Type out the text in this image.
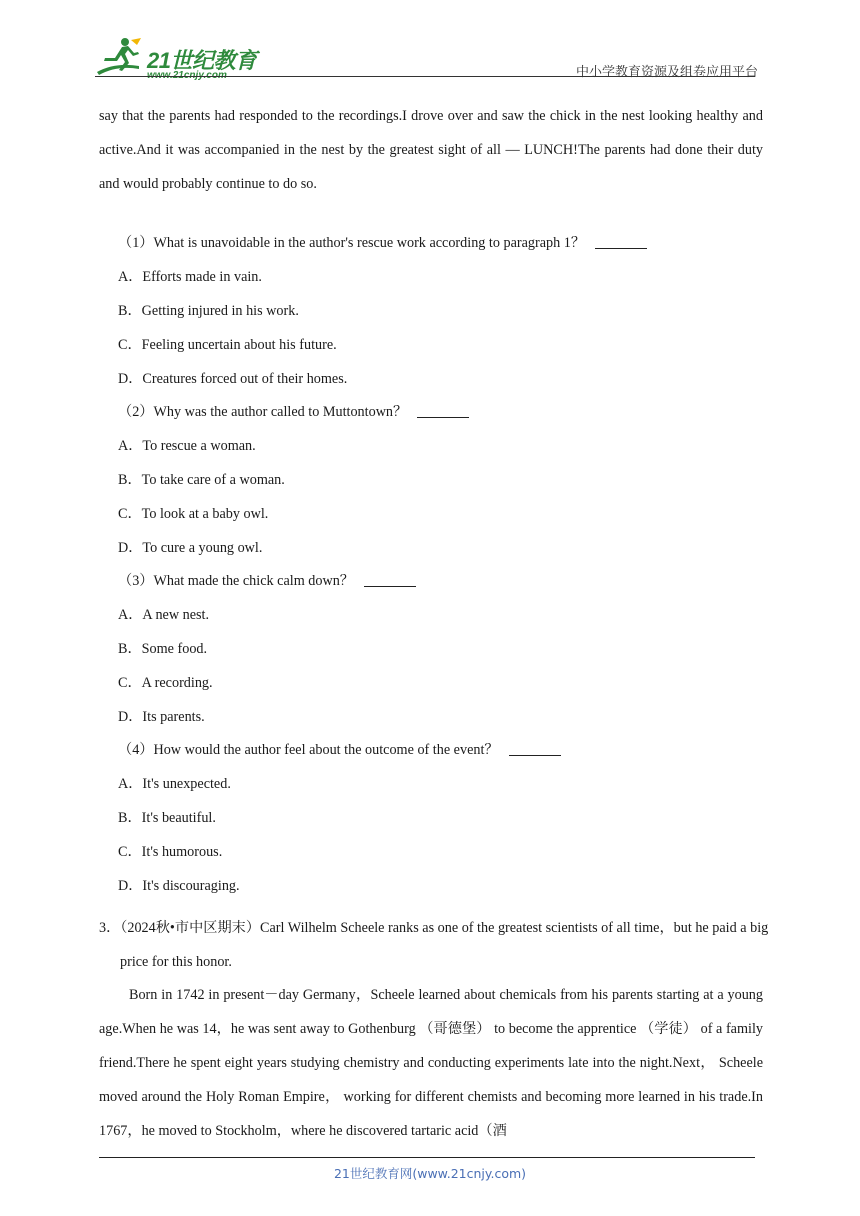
21世纪教育
www.21cnjy.com	中小学教育资源及组卷应用平台
say that the parents had responded to the recordings.I drove over and saw the chick in the nest looking healthy and active.And it was accompanied in the nest by the greatest sight of all — LUNCH!The parents had done their duty and would probably continue to do so.
（1）What is unavoidable in the author's rescue work according to paragraph 1？
A．Efforts made in vain.
B．Getting injured in his work.
C．Feeling uncertain about his future.
D．Creatures forced out of their homes.
（2）Why was the author called to Muttontown？
A．To rescue a woman.
B．To take care of a woman.
C．To look at a baby owl.
D．To cure a young owl.
（3）What made the chick calm down？
A．A new nest.
B．Some food.
C．A recording.
D．Its parents.
（4）How would the author feel about the outcome of the event？
A．It's unexpected.
B．It's beautiful.
C．It's humorous.
D．It's discouraging.
3．（2024秋•市中区期末）Carl Wilhelm Scheele ranks as one of the greatest scientists of all time，but he paid a big price for this honor.
Born in 1742 in present－day Germany，Scheele learned about chemicals from his parents starting at a young age.When he was 14，he was sent away to Gothenburg （哥德堡） to become the apprentice （学徒） of a family friend.There he spent eight years studying chemistry and conducting experiments late into the night.Next， Scheele moved around the Holy Roman Empire， working for different chemists and becoming more learned in his trade.In 1767，he moved to Stockholm，where he discovered tartaric acid（酒
21世纪教育网(www.21cnjy.com)
